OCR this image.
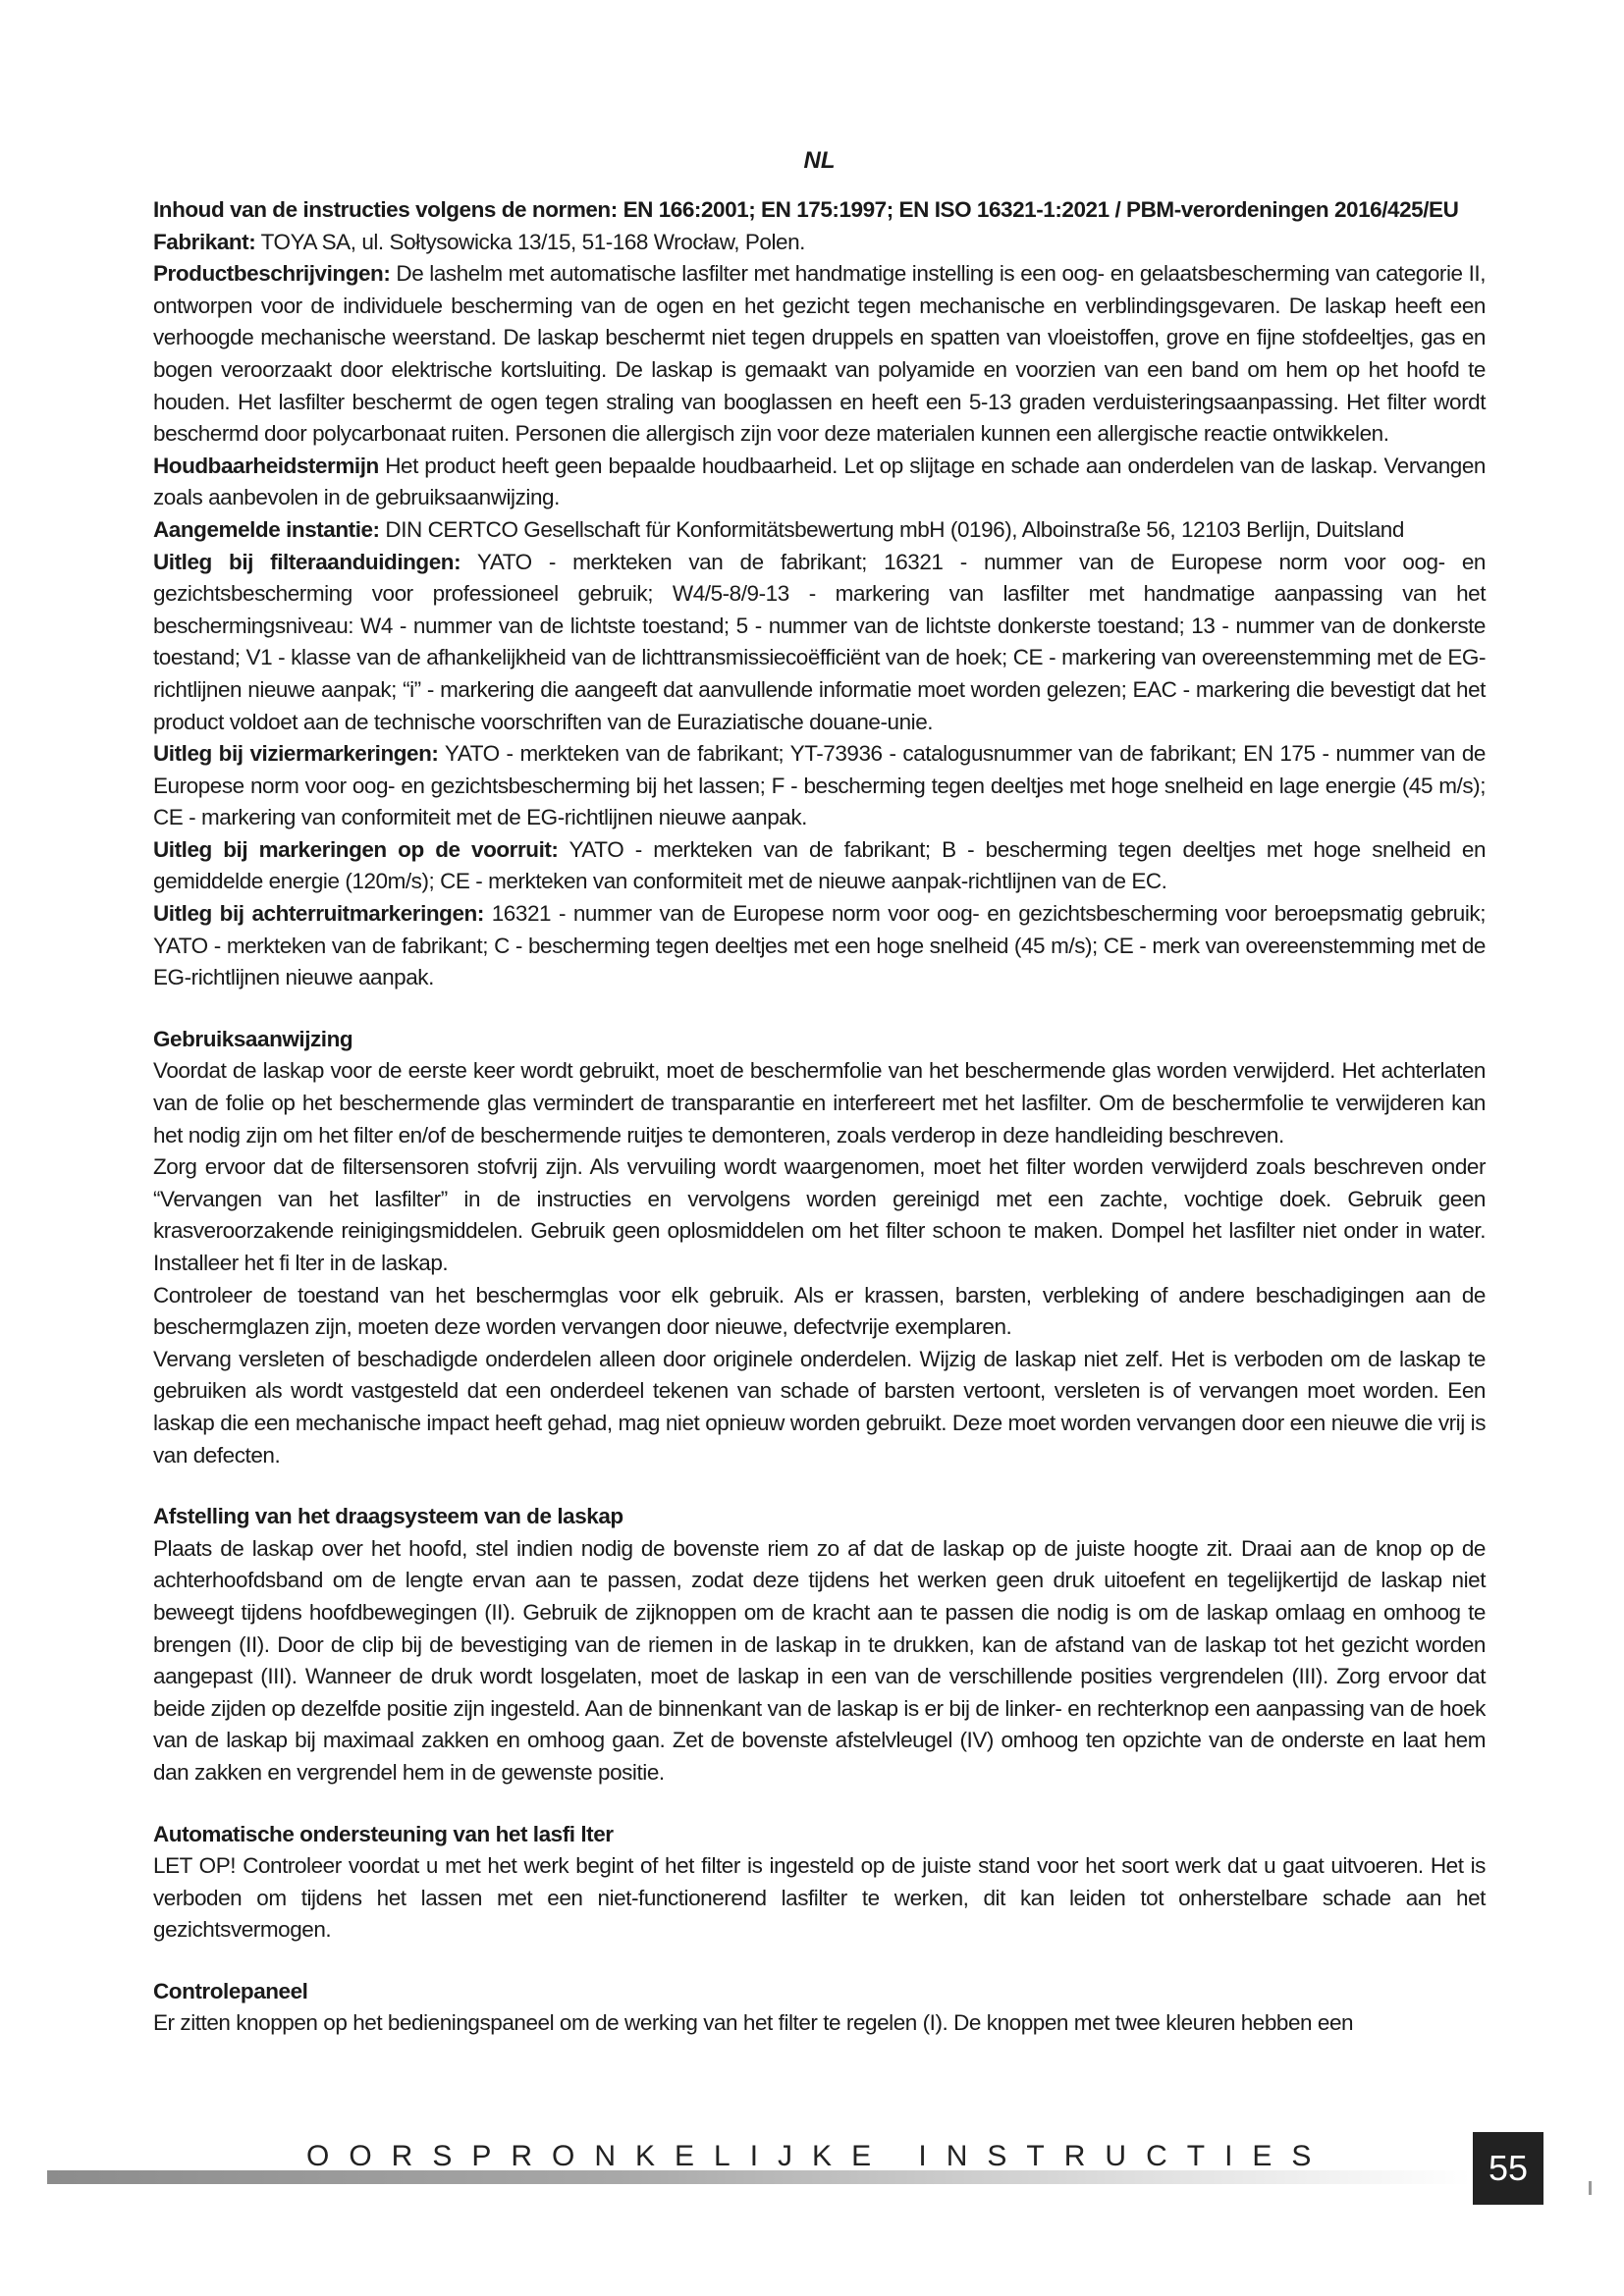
NL

Inhoud van de instructies volgens de normen: EN 166:2001; EN 175:1997; EN ISO 16321-1:2021 / PBM-verordeningen 2016/425/EU

Fabrikant: TOYA SA, ul. Sołtysowicka 13/15, 51-168 Wrocław, Polen.

Productbeschrijvingen: De lashelm met automatische lasfilter met handmatige instelling is een oog- en gelaatsbescherming van categorie II, ontworpen voor de individuele bescherming van de ogen en het gezicht tegen mechanische en verblindingsgevaren. De laskap heeft een verhoogde mechanische weerstand. De laskap beschermt niet tegen druppels en spatten van vloeistoffen, grove en fijne stofdeeltjes, gas en bogen veroorzaakt door elektrische kortsluiting. De laskap is gemaakt van polyamide en voorzien van een band om hem op het hoofd te houden. Het lasfilter beschermt de ogen tegen straling van booglassen en heeft een 5-13 graden verduisteringsaanpassing. Het filter wordt beschermd door polycarbonaat ruiten. Personen die allergisch zijn voor deze materialen kunnen een allergische reactie ontwikkelen.

Houdbaarheidstermijn Het product heeft geen bepaalde houdbaarheid. Let op slijtage en schade aan onderdelen van de laskap. Vervangen zoals aanbevolen in de gebruiksaanwijzing.

Aangemelde instantie: DIN CERTCO Gesellschaft für Konformitätsbewertung mbH (0196), Alboinstraße 56, 12103 Berlijn, Duitsland

Uitleg bij filteraanduidingen: YATO - merkteken van de fabrikant; 16321 - nummer van de Europese norm voor oog- en gezichtsbescherming voor professioneel gebruik; W4/5-8/9-13 - markering van lasfilter met handmatige aanpassing van het beschermingsniveau: W4 - nummer van de lichtste toestand; 5 - nummer van de lichtste donkerste toestand; 13 - nummer van de donkerste toestand; V1 - klasse van de afhankelijkheid van de lichttransmissiecoëfficiënt van de hoek; CE - markering van overeenstemming met de EG-richtlijnen nieuwe aanpak; “i” - markering die aangeeft dat aanvullende informatie moet worden gelezen; EAC - markering die bevestigt dat het product voldoet aan de technische voorschriften van de Euraziatische douane-unie.

Uitleg bij viziermarkeringen: YATO - merkteken van de fabrikant; YT-73936 - catalogusnummer van de fabrikant; EN 175 - nummer van de Europese norm voor oog- en gezichtsbescherming bij het lassen; F - bescherming tegen deeltjes met hoge snelheid en lage energie (45 m/s); CE - markering van conformiteit met de EG-richtlijnen nieuwe aanpak.

Uitleg bij markeringen op de voorruit: YATO - merkteken van de fabrikant; B - bescherming tegen deeltjes met hoge snelheid en gemiddelde energie (120m/s); CE - merkteken van conformiteit met de nieuwe aanpak-richtlijnen van de EC.

Uitleg bij achterruitmarkeringen: 16321 - nummer van de Europese norm voor oog- en gezichtsbescherming voor beroepsmatig gebruik; YATO - merkteken van de fabrikant; C - bescherming tegen deeltjes met een hoge snelheid (45 m/s); CE - merk van overeenstemming met de EG-richtlijnen nieuwe aanpak.

Gebruiksaanwijzing

Voordat de laskap voor de eerste keer wordt gebruikt, moet de beschermfolie van het beschermende glas worden verwijderd. Het achterlaten van de folie op het beschermende glas vermindert de transparantie en interfereert met het lasfilter. Om de beschermfolie te verwijderen kan het nodig zijn om het filter en/of de beschermende ruitjes te demonteren, zoals verderop in deze handleiding beschreven.

Zorg ervoor dat de filtersensoren stofvrij zijn. Als vervuiling wordt waargenomen, moet het filter worden verwijderd zoals beschreven onder “Vervangen van het lasfilter” in de instructies en vervolgens worden gereinigd met een zachte, vochtige doek. Gebruik geen krasveroorzakende reinigingsmiddelen. Gebruik geen oplosmiddelen om het filter schoon te maken. Dompel het lasfilter niet onder in water. Installeer het fi lter in de laskap.

Controleer de toestand van het beschermglas voor elk gebruik. Als er krassen, barsten, verbleking of andere beschadigingen aan de beschermglazen zijn, moeten deze worden vervangen door nieuwe, defectvrije exemplaren.

Vervang versleten of beschadigde onderdelen alleen door originele onderdelen. Wijzig de laskap niet zelf. Het is verboden om de laskap te gebruiken als wordt vastgesteld dat een onderdeel tekenen van schade of barsten vertoont, versleten is of vervangen moet worden. Een laskap die een mechanische impact heeft gehad, mag niet opnieuw worden gebruikt. Deze moet worden vervangen door een nieuwe die vrij is van defecten.

Afstelling van het draagsysteem van de laskap

Plaats de laskap over het hoofd, stel indien nodig de bovenste riem zo af dat de laskap op de juiste hoogte zit. Draai aan de knop op de achterhoofdsband om de lengte ervan aan te passen, zodat deze tijdens het werken geen druk uitoefent en tegelijkertijd de laskap niet beweegt tijdens hoofdbewegingen (II). Gebruik de zijknoppen om de kracht aan te passen die nodig is om de laskap omlaag en omhoog te brengen (II). Door de clip bij de bevestiging van de riemen in de laskap in te drukken, kan de afstand van de laskap tot het gezicht worden aangepast (III). Wanneer de druk wordt losgelaten, moet de laskap in een van de verschillende posities vergrendelen (III). Zorg ervoor dat beide zijden op dezelfde positie zijn ingesteld. Aan de binnenkant van de laskap is er bij de linker- en rechterknop een aanpassing van de hoek van de laskap bij maximaal zakken en omhoog gaan. Zet de bovenste afstelvleugel (IV) omhoog ten opzichte van de onderste en laat hem dan zakken en vergrendel hem in de gewenste positie.

Automatische ondersteuning van het lasfi lter

LET OP! Controleer voordat u met het werk begint of het filter is ingesteld op de juiste stand voor het soort werk dat u gaat uitvoeren. Het is verboden om tijdens het lassen met een niet-functionerend lasfilter te werken, dit kan leiden tot onherstelbare schade aan het gezichtsvermogen.

Controlepaneel

Er zitten knoppen op het bedieningspaneel om de werking van het filter te regelen (I). De knoppen met twee kleuren hebben een

OORSPRONKELIJKE INSTRUCTIES	55
